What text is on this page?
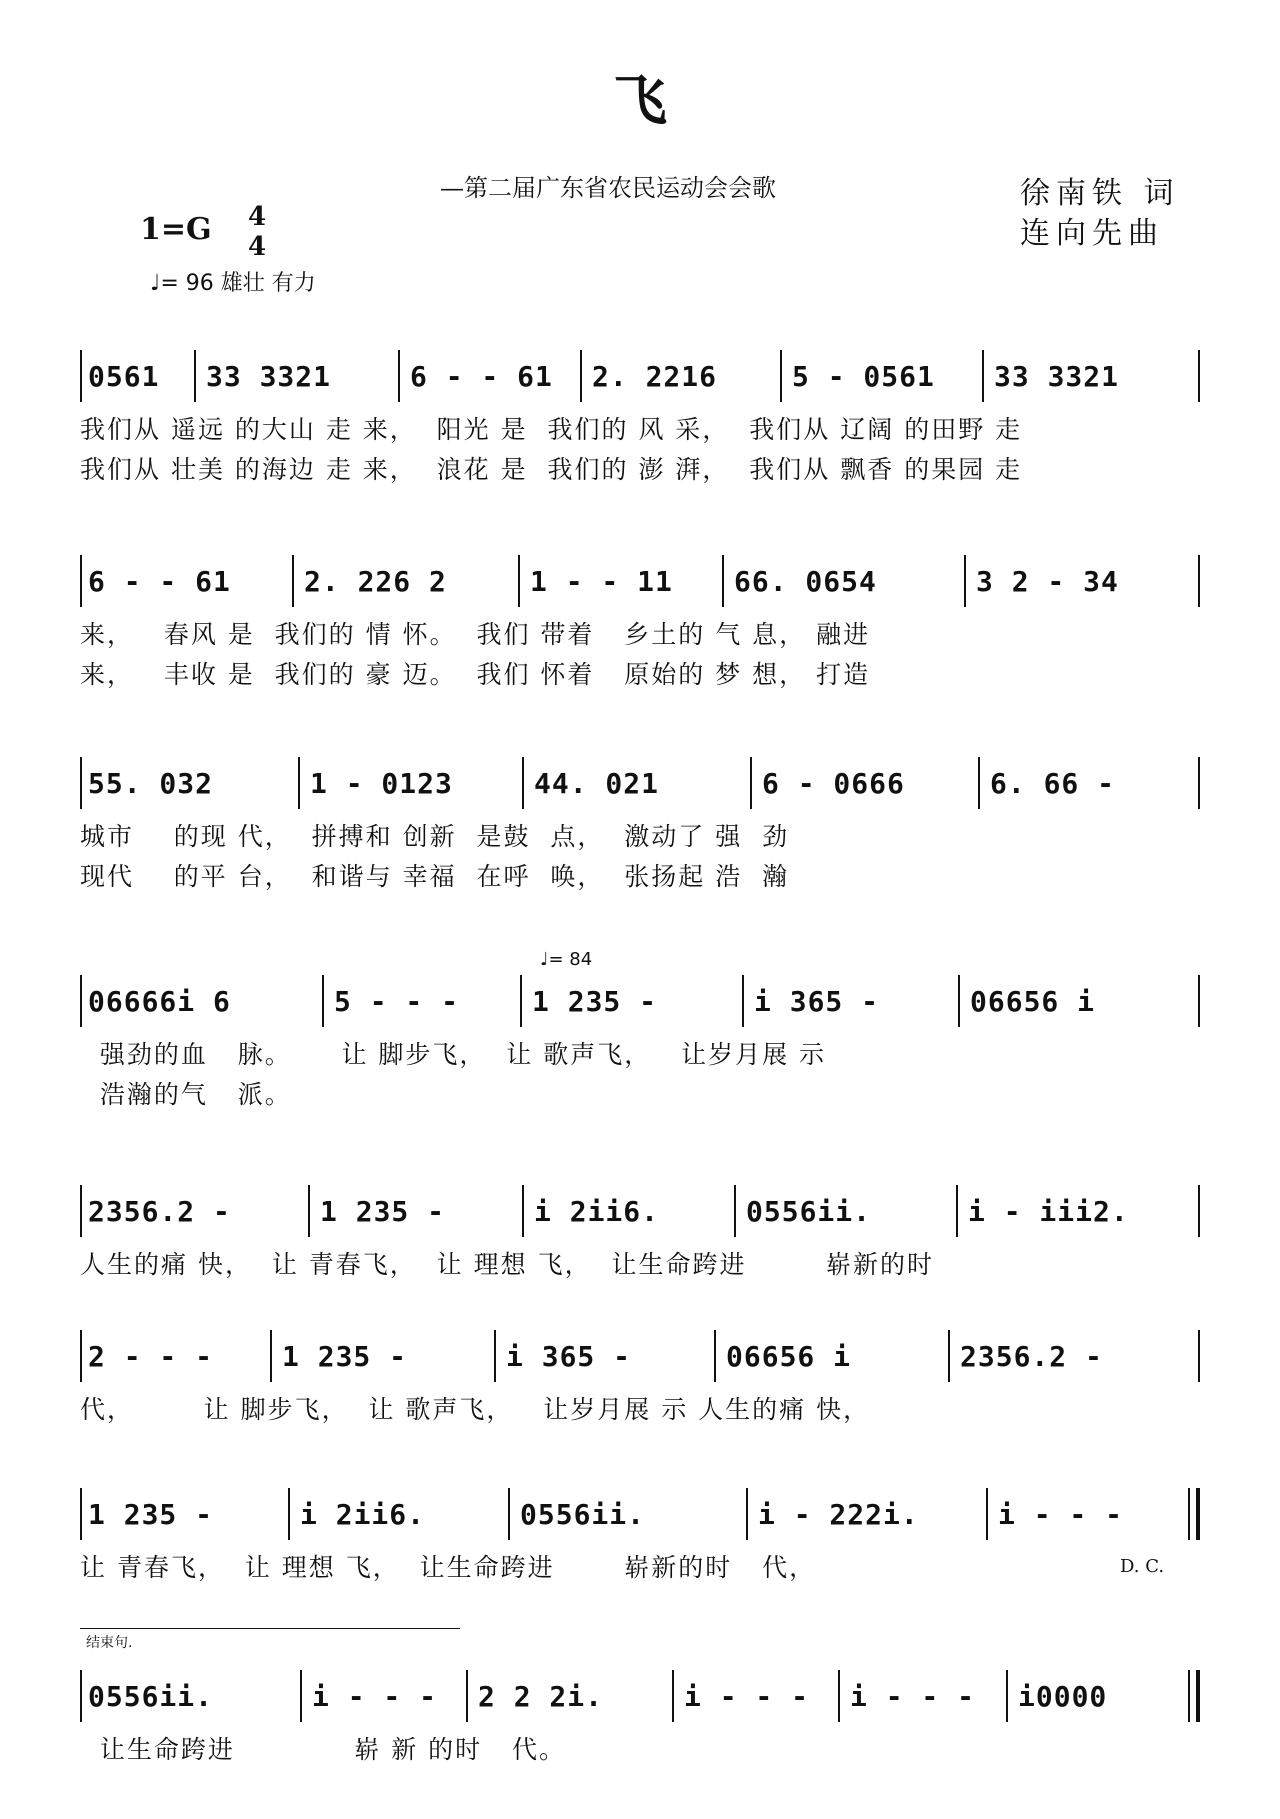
飞
—第二届广东省农民运动会会歌	徐南铁 词
连向先曲
1=G 4
4
♩= 96 雄壮 有力
0561 33 3321	6 - - 61 2. 2216	5 - 0561 33 3321
我们从 遥远 的大山 走 来，  阳光 是  我们的 风 采，  我们从 辽阔 的田野 走
我们从 壮美 的海边 走 来，  浪花 是  我们的 澎 湃，  我们从 飘香 的果园 走
6 - - 61	2. 226 2	1 - - 11 66. 0654	3 2 - 34
来，   春风 是  我们的 情 怀。  我们 带着   乡土的 气 息， 融进
来，   丰收 是  我们的 豪 迈。  我们 怀着   原始的 梦 想， 打造
55. 032	1 - 0123	44. 021	6 - 0666	6. 66 -
城市    的现 代，  拼搏和 创新  是鼓  点，  激动了 强  劲
现代    的平 台，  和谐与 幸福  在呼  唤，  张扬起 浩  瀚
♩= 84
06666i 6	5 - - -	1 235 -	i 365 -	06656 i
强劲的血   脉。     让 脚步飞，  让 歌声飞，   让岁月展 示
浩瀚的气   派。
2356.2 -	1 235 -	i 2ii6.	0556ii.	i - iii2.
人生的痛 快，  让 青春飞，  让 理想 飞，  让生命跨进        崭新的时
2 - - - 1 235 -	i 365 -	06656 i	2356.2 -
代，       让 脚步飞，  让 歌声飞，   让岁月展 示 人生的痛 快，
1 235 -	i 2ii6.	0556ii.	i - 222i.	i - - -
让 青春飞，  让 理想 飞，  让生命跨进       崭新的时   代，	D. C.
结束句.
0556ii.	i - - - 2 2 2i.	i - - - i - - - i0000
让生命跨进            崭 新 的时   代。
